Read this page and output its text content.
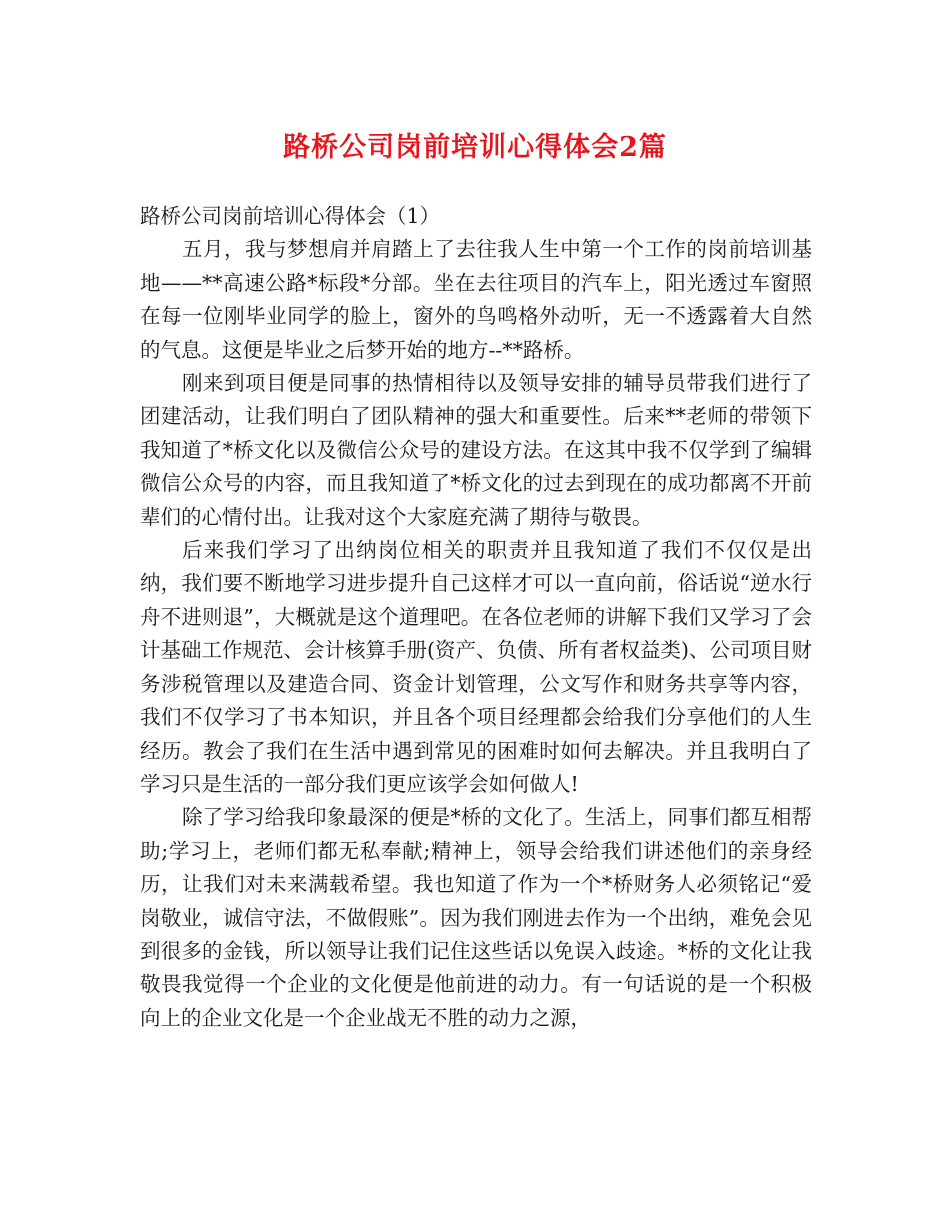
路桥公司岗前培训心得体会2篇

路桥公司岗前培训心得体会（1）

五月，我与梦想肩并肩踏上了去往我人生中第一个工作的岗前培训基地——**高速公路*标段*分部。坐在去往项目的汽车上，阳光透过车窗照在每一位刚毕业同学的脸上，窗外的鸟鸣格外动听，无一不透露着大自然的气息。这便是毕业之后梦开始的地方--**路桥。

刚来到项目便是同事的热情相待以及领导安排的辅导员带我们进行了团建活动，让我们明白了团队精神的强大和重要性。后来**老师的带领下我知道了*桥文化以及微信公众号的建设方法。在这其中我不仅学到了编辑微信公众号的内容，而且我知道了*桥文化的过去到现在的成功都离不开前辈们的心情付出。让我对这个大家庭充满了期待与敬畏。

后来我们学习了出纳岗位相关的职责并且我知道了我们不仅仅是出纳，我们要不断地学习进步提升自己这样才可以一直向前，俗话说“逆水行舟不进则退”，大概就是这个道理吧。在各位老师的讲解下我们又学习了会计基础工作规范、会计核算手册(资产、负债、所有者权益类)、公司项目财务涉税管理以及建造合同、资金计划管理，公文写作和财务共享等内容，我们不仅学习了书本知识，并且各个项目经理都会给我们分享他们的人生经历。教会了我们在生活中遇到常见的困难时如何去解决。并且我明白了学习只是生活的一部分我们更应该学会如何做人!

除了学习给我印象最深的便是*桥的文化了。生活上，同事们都互相帮助;学习上，老师们都无私奉献;精神上，领导会给我们讲述他们的亲身经历，让我们对未来满载希望。我也知道了作为一个*桥财务人必须铭记“爱岗敬业，诚信守法，不做假账”。因为我们刚进去作为一个出纳，难免会见到很多的金钱，所以领导让我们记住这些话以免误入歧途。*桥的文化让我敬畏我觉得一个企业的文化便是他前进的动力。有一句话说的是一个积极向上的企业文化是一个企业战无不胜的动力之源，
